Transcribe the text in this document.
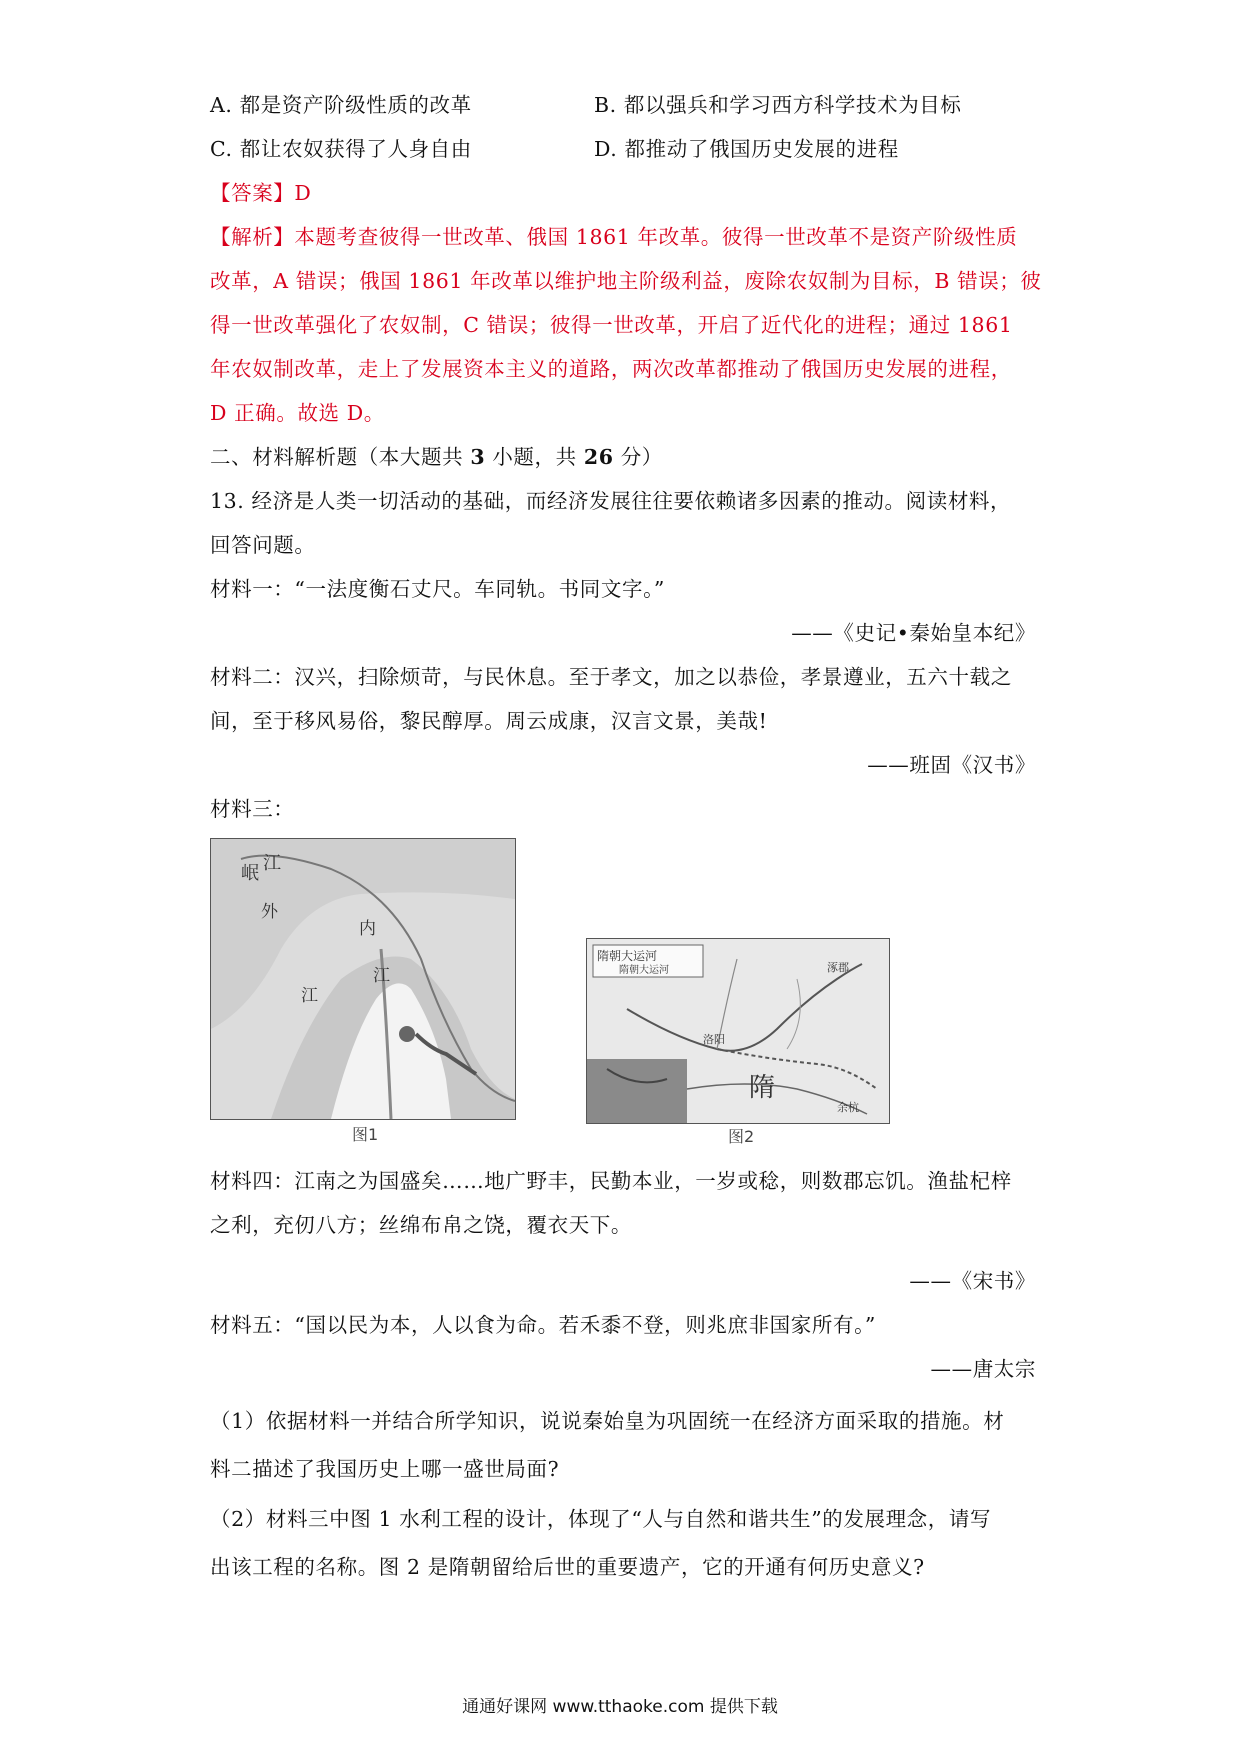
A. 都是资产阶级性质的改革	B. 都以强兵和学习西方科学技术为目标
C. 都让农奴获得了人身自由	D. 都推动了俄国历史发展的进程
【答案】D
【解析】本题考查彼得一世改革、俄国 1861 年改革。彼得一世改革不是资产阶级性质
改革，A 错误；俄国 1861 年改革以维护地主阶级利益，废除农奴制为目标，B 错误；彼
得一世改革强化了农奴制，C 错误；彼得一世改革，开启了近代化的进程；通过 1861
年农奴制改革，走上了发展资本主义的道路，两次改革都推动了俄国历史发展的进程，
D 正确。故选 D。
二、材料解析题（本大题共 3 小题，共 26 分）
13. 经济是人类一切活动的基础，而经济发展往往要依赖诸多因素的推动。阅读材料，
回答问题。
材料一：“一法度衡石丈尺。车同轨。书同文字。”
——《史记•秦始皇本纪》
材料二：汉兴，扫除烦苛，与民休息。至于孝文，加之以恭俭，孝景遵业，五六十载之
间，至于移风易俗，黎民醇厚。周云成康，汉言文景，美哉!
——班固《汉书》
材料三：
岷 江
外
内
江
江
图1
隋朝大运河
隋朝大运河
隋
洛阳
涿郡
余杭
图2
材料四：江南之为国盛矣……地广野丰，民勤本业，一岁或稔，则数郡忘饥。渔盐杞梓
之利，充仞八方；丝绵布帛之饶，覆衣天下。
——《宋书》
材料五：“国以民为本，人以食为命。若禾黍不登，则兆庶非国家所有。”
——唐太宗
（1）依据材料一并结合所学知识，说说秦始皇为巩固统一在经济方面采取的措施。材
料二描述了我国历史上哪一盛世局面?
（2）材料三中图 1 水利工程的设计，体现了“人与自然和谐共生”的发展理念，请写
出该工程的名称。图 2 是隋朝留给后世的重要遗产，它的开通有何历史意义?
通通好课网 www.tthaoke.com 提供下载
